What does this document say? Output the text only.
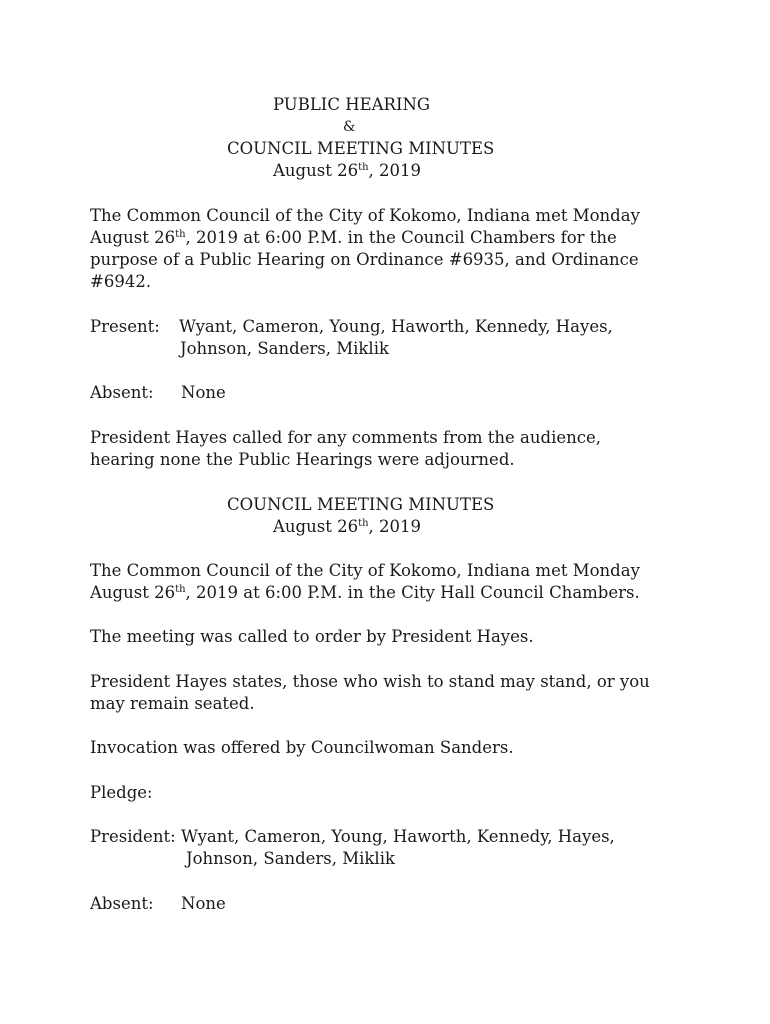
PUBLIC HEARING
&
COUNCIL MEETING MINUTES
August 26th, 2019
The Common Council of the City of Kokomo, Indiana met Monday
August 26th, 2019 at 6:00 P.M. in the Council Chambers for the
purpose of a Public Hearing on Ordinance #6935, and Ordinance
#6942.
Present: Wyant, Cameron, Young, Haworth, Kennedy, Hayes,
Johnson, Sanders, Miklik
Absent: None
President Hayes called for any comments from the audience,
hearing none the Public Hearings were adjourned.
COUNCIL MEETING MINUTES
August 26th, 2019
The Common Council of the City of Kokomo, Indiana met Monday
August 26th, 2019 at 6:00 P.M. in the City Hall Council Chambers.
The meeting was called to order by President Hayes.
President Hayes states, those who wish to stand may stand, or you
may remain seated.
Invocation was offered by Councilwoman Sanders.
Pledge:
President: Wyant, Cameron, Young, Haworth, Kennedy, Hayes,
Johnson, Sanders, Miklik
Absent: None
